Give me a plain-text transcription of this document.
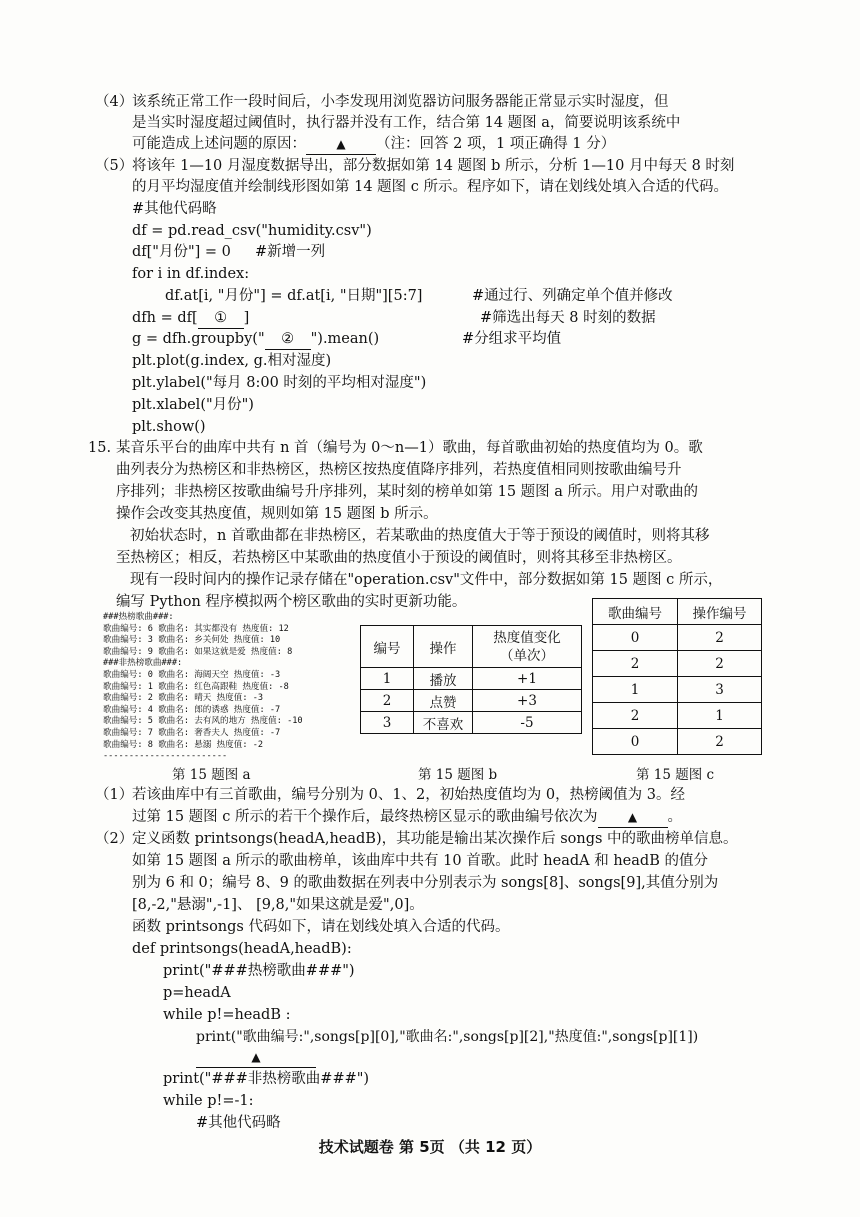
（4）
该系统正常工作一段时间后，小李发现用浏览器访问服务器能正常显示实时湿度，但
是当实时湿度超过阈值时，执行器并没有工作，结合第 14 题图 a，简要说明该系统中
可能造成上述问题的原因：	▲ （注：回答 2 项，1 项正确得 1 分）
（5）
将该年 1—10 月湿度数据导出，部分数据如第 14 题图 b 所示，分析 1—10 月中每天 8 时刻
的月平均湿度值并绘制线形图如第 14 题图 c 所示。程序如下，请在划线处填入合适的代码。
#其他代码略
df = pd.read_csv("humidity.csv")
df["月份"] = 0 #新增一列
for i in df.index:
df.at[i, "月份"] = df.at[i, "日期"][5:7]	#通过行、列确定单个值并修改
dfh = df[ ① ]	#筛选出每天 8 时刻的数据
g = dfh.groupby(" ② ").mean()	#分组求平均值
plt.plot(g.index, g.相对湿度)
plt.ylabel("每月 8:00 时刻的平均相对湿度")
plt.xlabel("月份")
plt.show()
15. 某音乐平台的曲库中共有 n 首（编号为 0～n—1）歌曲，每首歌曲初始的热度值均为 0。歌
曲列表分为热榜区和非热榜区，热榜区按热度值降序排列，若热度值相同则按歌曲编号升
序排列；非热榜区按歌曲编号升序排列，某时刻的榜单如第 15 题图 a 所示。用户对歌曲的
操作会改变其热度值，规则如第 15 题图 b 所示。
初始状态时，n 首歌曲都在非热榜区，若某歌曲的热度值大于等于预设的阈值时，则将其移
至热榜区；相反，若热榜区中某歌曲的热度值小于预设的阈值时，则将其移至非热榜区。
现有一段时间内的操作记录存储在"operation.csv"文件中，部分数据如第 15 题图 c 所示，
编写 Python 程序模拟两个榜区歌曲的实时更新功能。
###热榜歌曲###:
歌曲编号: 6 歌曲名: 其实都没有 热度值: 12
歌曲编号: 3 歌曲名: 乡关何处 热度值: 10
歌曲编号: 9 歌曲名: 如果这就是爱 热度值: 8
###非热榜歌曲###:
歌曲编号: 0 歌曲名: 海阔天空 热度值: -3
歌曲编号: 1 歌曲名: 红色高跟鞋 热度值: -8
歌曲编号: 2 歌曲名: 晴天 热度值: -3
歌曲编号: 4 歌曲名: 郎的诱惑 热度值: -7
歌曲编号: 5 歌曲名: 去有风的地方 热度值: -10
歌曲编号: 7 歌曲名: 奢香夫人 热度值: -7
歌曲编号: 8 歌曲名: 悬溺 热度值: -2
------------------------
第 15 题图 a
编号	操作	热度值变化
（单次）
1	播放	+1
2	点赞	+3
3	不喜欢	-5
第 15 题图 b
歌曲编号	操作编号
0	2
2	2
1	3
2	1
0	2
第 15 题图 c
（1）
若该曲库中有三首歌曲，编号分别为 0、1、2，初始热度值均为 0，热榜阈值为 3。经
过第 15 题图 c 所示的若干个操作后，最终热榜区显示的歌曲编号依次为	▲ 。
（2）
定义函数 printsongs(headA,headB)，其功能是输出某次操作后 songs 中的歌曲榜单信息。
如第 15 题图 a 所示的歌曲榜单，该曲库中共有 10 首歌。此时 headA 和 headB 的值分
别为 6 和 0；编号 8、9 的歌曲数据在列表中分别表示为 songs[8]、songs[9],其值分别为
[8,-2,"悬溺",-1]、 [9,8,"如果这就是爱",0]。
函数 printsongs 代码如下，请在划线处填入合适的代码。
def printsongs(headA,headB):
print("###热榜歌曲###")
p=headA
while p!=headB :
print("歌曲编号:",songs[p][0],"歌曲名:",songs[p][2],"热度值:",songs[p][1])
▲
print("###非热榜歌曲###")
while p!=-1:
#其他代码略
技术试题卷 第 5页 （共 12 页）
